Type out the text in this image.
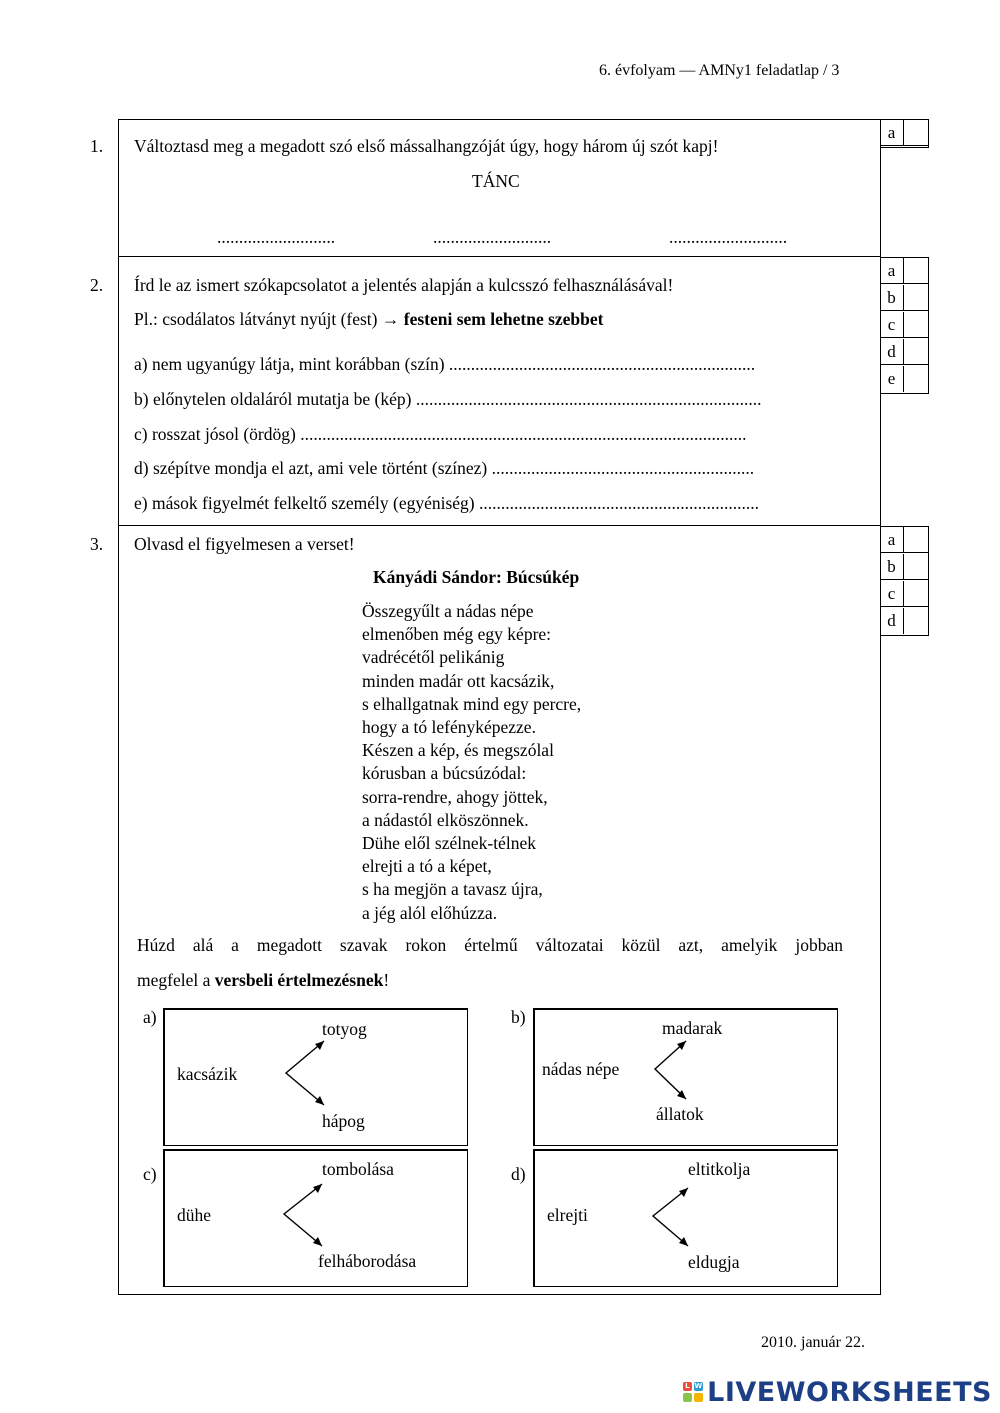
6. évfolyam — AMNy1 feladatlap / 3
1. Változtasd meg a megadott szó első mássalhangzóját úgy, hogy három új szót kapj!
TÁNC
...........................	...........................	...........................
a
2. Írd le az ismert szókapcsolatot a jelentés alapján a kulcsszó felhasználásával!
Pl.: csodálatos látványt nyújt (fest) → festeni sem lehetne szebbet
a) nem ugyanúgy látja, mint korábban (szín) ......................................................................
b) előnytelen oldaláról mutatja be (kép) ...............................................................................
c) rosszat jósol (ördög) ......................................................................................................
d) szépítve mondja el azt, ami vele történt (színez) ............................................................
e) mások figyelmét felkeltő személy (egyéniség) ................................................................
a
b
c
d
e
3. Olvasd el figyelmesen a verset!
Kányádi Sándor: Búcsúkép
Összegyűlt a nádas népe
elmenőben még egy képre:
vadrécétől pelikánig
minden madár ott kacsázik,
s elhallgatnak mind egy percre,
hogy a tó lefényképezze.
Készen a kép, és megszólal
kórusban a búcsúzódal:
sorra-rendre, ahogy jöttek,
a nádastól elköszönnek.
Dühe elől szélnek-télnek
elrejti a tó a képet,
s ha megjön a tavasz újra,
a jég alól előhúzza.
Húzd alá a megadott szavak rokon értelmű változatai közül azt, amelyik jobban
megfelel a versbeli értelmezésnek!
a
b
c
d
a)
kacsázik
totyog
hápog
b)
nádas népe
madarak
állatok
c)
dühe
tombolása
felháborodása
d)
elrejti
eltitkolja
eldugja
2010. január 22.
L W LIVEWORKSHEETS
